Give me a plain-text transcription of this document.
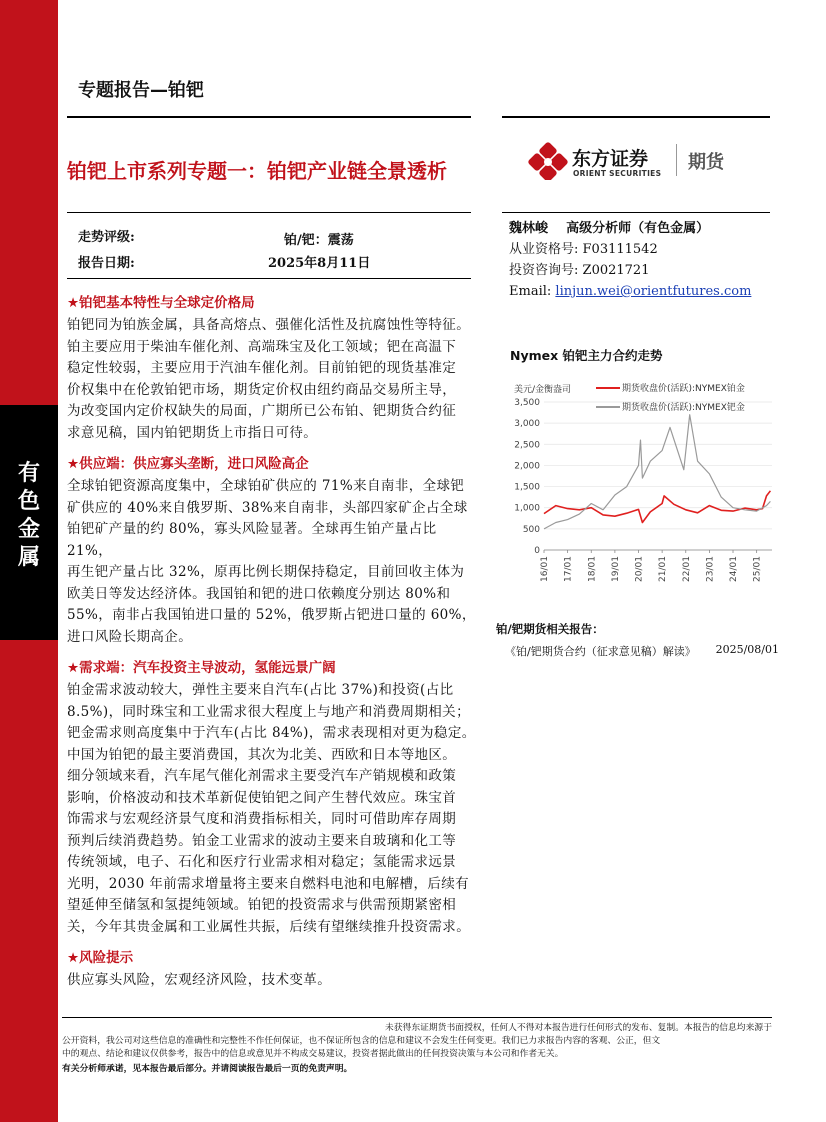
有色金属
专题报告—铂钯
铂钯上市系列专题一：铂钯产业链全景透析	东方证券
ORIENT SECURITIES
期货
走势评级:	铂/钯：震荡
报告日期:	2025年8月11日
魏林峻    高级分析师（有色金属）
从业资格号: F03111542
投资咨询号: Z0021721
Email: linjun.wei@orientfutures.com
★铂钯基本特性与全球定价格局
铂钯同为铂族金属，具备高熔点、强催化活性及抗腐蚀性等特征。
铂主要应用于柴油车催化剂、高端珠宝及化工领域；钯在高温下
稳定性较弱，主要应用于汽油车催化剂。目前铂钯的现货基准定
价权集中在伦敦铂钯市场，期货定价权由纽约商品交易所主导，
为改变国内定价权缺失的局面，广期所已公布铂、钯期货合约征
求意见稿，国内铂钯期货上市指日可待。
★供应端：供应寡头垄断，进口风险高企
全球铂钯资源高度集中，全球铂矿供应的 71%来自南非，全球钯
矿供应的 40%来自俄罗斯、38%来自南非，头部四家矿企占全球
铂钯矿产量的约 80%，寡头风险显著。全球再生铂产量占比 21%，
再生钯产量占比 32%，原再比例长期保持稳定，目前回收主体为
欧美日等发达经济体。我国铂和钯的进口依赖度分别达 80%和
55%，南非占我国铂进口量的 52%，俄罗斯占钯进口量的 60%，
进口风险长期高企。
★需求端：汽车投资主导波动，氢能远景广阔
铂金需求波动较大，弹性主要来自汽车(占比 37%)和投资(占比
8.5%)，同时珠宝和工业需求很大程度上与地产和消费周期相关；
钯金需求则高度集中于汽车(占比 84%)，需求表现相对更为稳定。
中国为铂钯的最主要消费国，其次为北美、西欧和日本等地区。
细分领域来看，汽车尾气催化剂需求主要受汽车产销规模和政策
影响，价格波动和技术革新促使铂钯之间产生替代效应。珠宝首
饰需求与宏观经济景气度和消费指标相关，同时可借助库存周期
预判后续消费趋势。铂金工业需求的波动主要来自玻璃和化工等
传统领域，电子、石化和医疗行业需求相对稳定；氢能需求远景
光明，2030 年前需求增量将主要来自燃料电池和电解槽，后续有
望延伸至储氢和氢提纯领域。铂钯的投资需求与供需预期紧密相
关，今年其贵金属和工业属性共振，后续有望继续推升投资需求。
★风险提示
供应寡头风险，宏观经济风险，技术变革。
Nymex 铂钯主力合约走势
美元/金衡盎司
0
500
1,000
1,500
2,000
2,500
3,000
3,500
16/01 17/01 18/01 19/01 20/01 21/01 22/01 23/01 24/01 25/01
期货收盘价(活跃):NYMEX铂金
期货收盘价(活跃):NYMEX钯金
铂/钯期货相关报告：
《铂/钯期货合约（征求意见稿）解读》 2025/08/01
未获得东证期货书面授权，任何人不得对本报告进行任何形式的发布、复制。本报告的信息均来源于
公开资料，我公司对这些信息的准确性和完整性不作任何保证，也不保证所包含的信息和建议不会发生任何变更。我们已力求报告内容的客观、公正，但文
中的观点、结论和建议仅供参考，报告中的信息或意见并不构成交易建议，投资者据此做出的任何投资决策与本公司和作者无关。
有关分析师承诺，见本报告最后部分。并请阅读报告最后一页的免责声明。
